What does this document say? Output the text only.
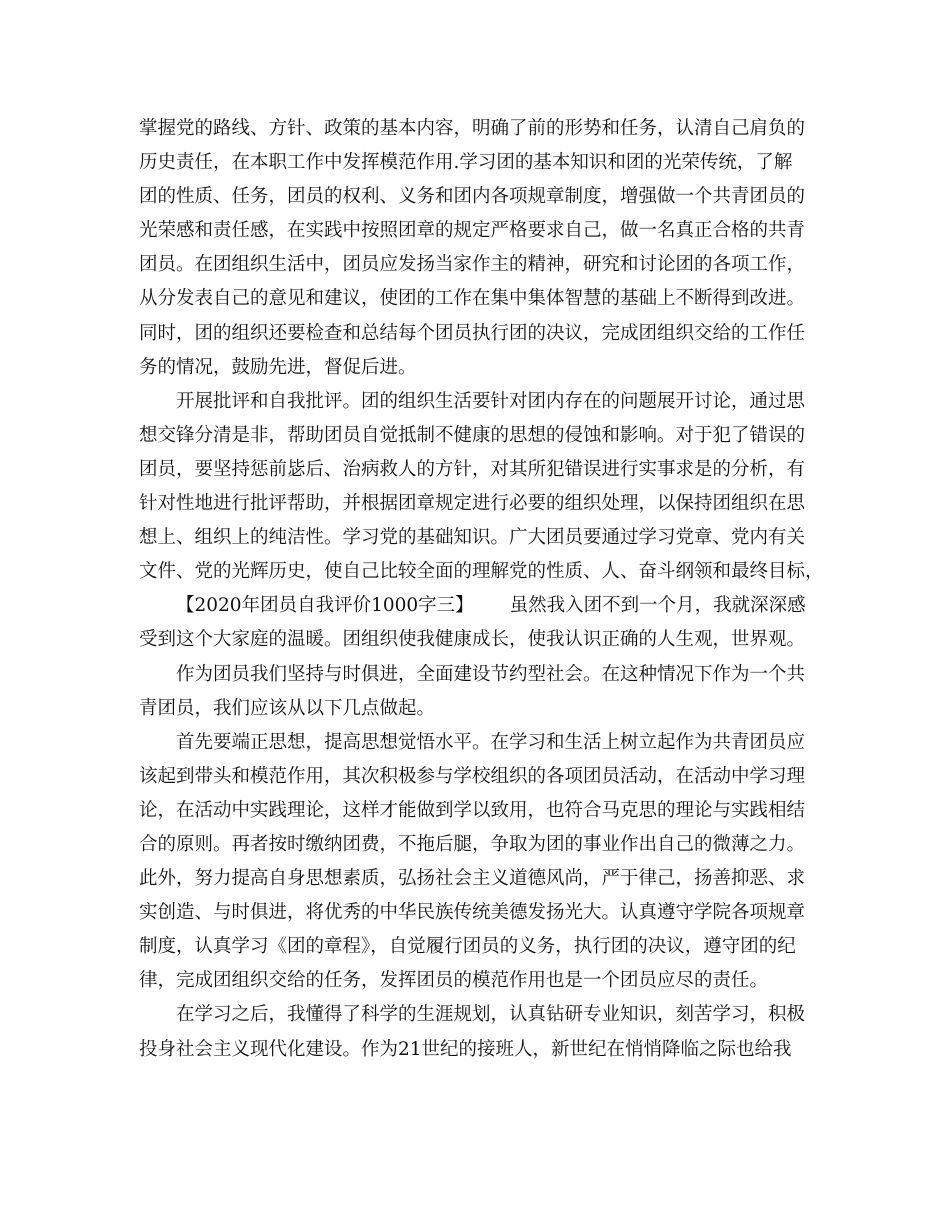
掌握党的路线、方针、政策的基本内容，明确了前的形势和任务，认清自己肩负的
历史责任，在本职工作中发挥模范作用.学习团的基本知识和团的光荣传统，了解
团的性质、任务，团员的权利、义务和团内各项规章制度，增强做一个共青团员的
光荣感和责任感，在实践中按照团章的规定严格要求自己，做一名真正合格的共青
团员。在团组织生活中，团员应发扬当家作主的精神，研究和讨论团的各项工作，
从分发表自己的意见和建议，使团的工作在集中集体智慧的基础上不断得到改进。
同时，团的组织还要检查和总结每个团员执行团的决议，完成团组织交给的工作任
务的情况，鼓励先进，督促后进。
开展批评和自我批评。团的组织生活要针对团内存在的问题展开讨论，通过思
想交锋分清是非，帮助团员自觉抵制不健康的思想的侵蚀和影响。对于犯了错误的
团员，要坚持惩前毖后、治病救人的方针，对其所犯错误进行实事求是的分析，有
针对性地进行批评帮助，并根据团章规定进行必要的组织处理，以保持团组织在思
想上、组织上的纯洁性。学习党的基础知识。广大团员要通过学习党章、党内有关
文件、党的光辉历史，使自己比较全面的理解党的性质、人、奋斗纲领和最终目标，
【2020年团员自我评价1000字三】 虽然我入团不到一个月，我就深深感
受到这个大家庭的温暖。团组织使我健康成长，使我认识正确的人生观，世界观。
作为团员我们坚持与时俱进，全面建设节约型社会。在这种情况下作为一个共
青团员，我们应该从以下几点做起。
首先要端正思想，提高思想觉悟水平。在学习和生活上树立起作为共青团员应
该起到带头和模范作用，其次积极参与学校组织的各项团员活动，在活动中学习理
论，在活动中实践理论，这样才能做到学以致用，也符合马克思的理论与实践相结
合的原则。再者按时缴纳团费，不拖后腿，争取为团的事业作出自己的微薄之力。
此外，努力提高自身思想素质，弘扬社会主义道德风尚，严于律己，扬善抑恶、求
实创造、与时俱进，将优秀的中华民族传统美德发扬光大。认真遵守学院各项规章
制度，认真学习《团的章程》，自觉履行团员的义务，执行团的决议，遵守团的纪
律，完成团组织交给的任务，发挥团员的模范作用也是一个团员应尽的责任。
在学习之后，我懂得了科学的生涯规划，认真钻研专业知识，刻苦学习，积极
投身社会主义现代化建设。作为21世纪的接班人，新世纪在悄悄降临之际也给我
